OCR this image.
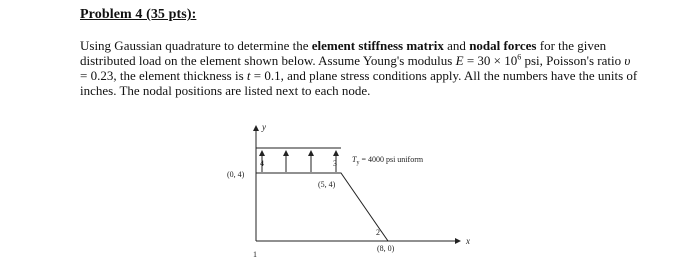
Problem 4 (35 pts):
Using Gaussian quadrature to determine the element stiffness matrix and nodal forces for the given distributed load on the element shown below. Assume Young's modulus $E = 30 \times 10^6$ psi, Poisson's ratio υ = 0.23, the element thickness is t = 0.1, and plane stress conditions apply. All the numbers have the units of inches. The nodal positions are listed next to each node.
y
x
$T_y = 4000$ psi uniform
1
2
3
4
(0, 4)
(5, 4)
(8, 0)
